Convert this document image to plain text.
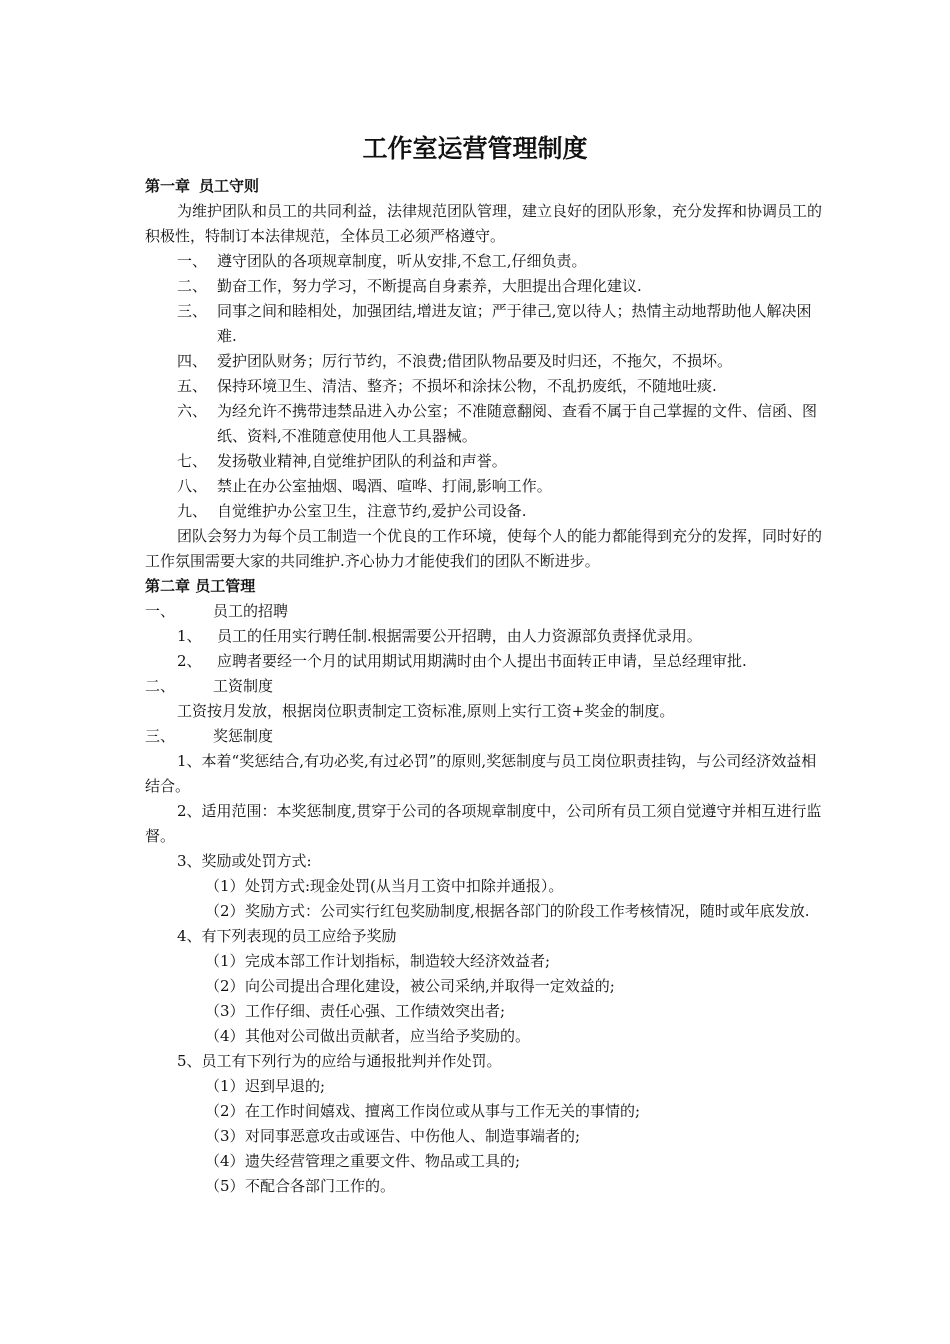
工作室运营管理制度

第一章 员工守则

为维护团队和员工的共同利益，法律规范团队管理，建立良好的团队形象，充分发挥和协调员工的积极性，特制订本法律规范，全体员工必须严格遵守。

一、 遵守团队的各项规章制度，听从安排,不怠工,仔细负责。
二、 勤奋工作，努力学习，不断提高自身素养，大胆提出合理化建议.
三、 同事之间和睦相处，加强团结,增进友谊；严于律己,宽以待人；热情主动地帮助他人解决困难.
四、 爱护团队财务；厉行节约，不浪费;借团队物品要及时归还，不拖欠，不损坏。
五、 保持环境卫生、清洁、整齐；不损坏和涂抹公物，不乱扔废纸，不随地吐痰.
六、 为经允许不携带违禁品进入办公室；不准随意翻阅、查看不属于自己掌握的文件、信函、图纸、资料,不准随意使用他人工具器械。
七、 发扬敬业精神,自觉维护团队的利益和声誉。
八、 禁止在办公室抽烟、喝酒、喧哗、打闹,影响工作。
九、 自觉维护办公室卫生，注意节约,爱护公司设备.

团队会努力为每个员工制造一个优良的工作环境，使每个人的能力都能得到充分的发挥，同时好的工作氛围需要大家的共同维护.齐心协力才能使我们的团队不断进步。

第二章 员工管理

一、	员工的招聘
1、	员工的任用实行聘任制.根据需要公开招聘，由人力资源部负责择优录用。
2、	应聘者要经一个月的试用期试用期满时由个人提出书面转正申请，呈总经理审批.
二、	工资制度

工资按月发放，根据岗位职责制定工资标准,原则上实行工资+奖金的制度。

三、	奖惩制度

1、本着“奖惩结合,有功必奖,有过必罚”的原则,奖惩制度与员工岗位职责挂钩，与公司经济效益相结合。

2、适用范围：本奖惩制度,贯穿于公司的各项规章制度中，公司所有员工须自觉遵守并相互进行监督。

3、奖励或处罚方式:

（1） 处罚方式:现金处罚(从当月工资中扣除并通报）。
（2） 奖励方式：公司实行红包奖励制度,根据各部门的阶段工作考核情况，随时或年底发放.

4、有下列表现的员工应给予奖励

（1） 完成本部工作计划指标，制造较大经济效益者;
（2） 向公司提出合理化建设，被公司采纳,并取得一定效益的;
（3） 工作仔细、责任心强、工作绩效突出者;
（4） 其他对公司做出贡献者，应当给予奖励的。

5、员工有下列行为的应给与通报批判并作处罚。

（1） 迟到早退的;
（2） 在工作时间嬉戏、擅离工作岗位或从事与工作无关的事情的;
（3） 对同事恶意攻击或诬告、中伤他人、制造事端者的;
（4） 遗失经营管理之重要文件、物品或工具的;
（5） 不配合各部门工作的。
